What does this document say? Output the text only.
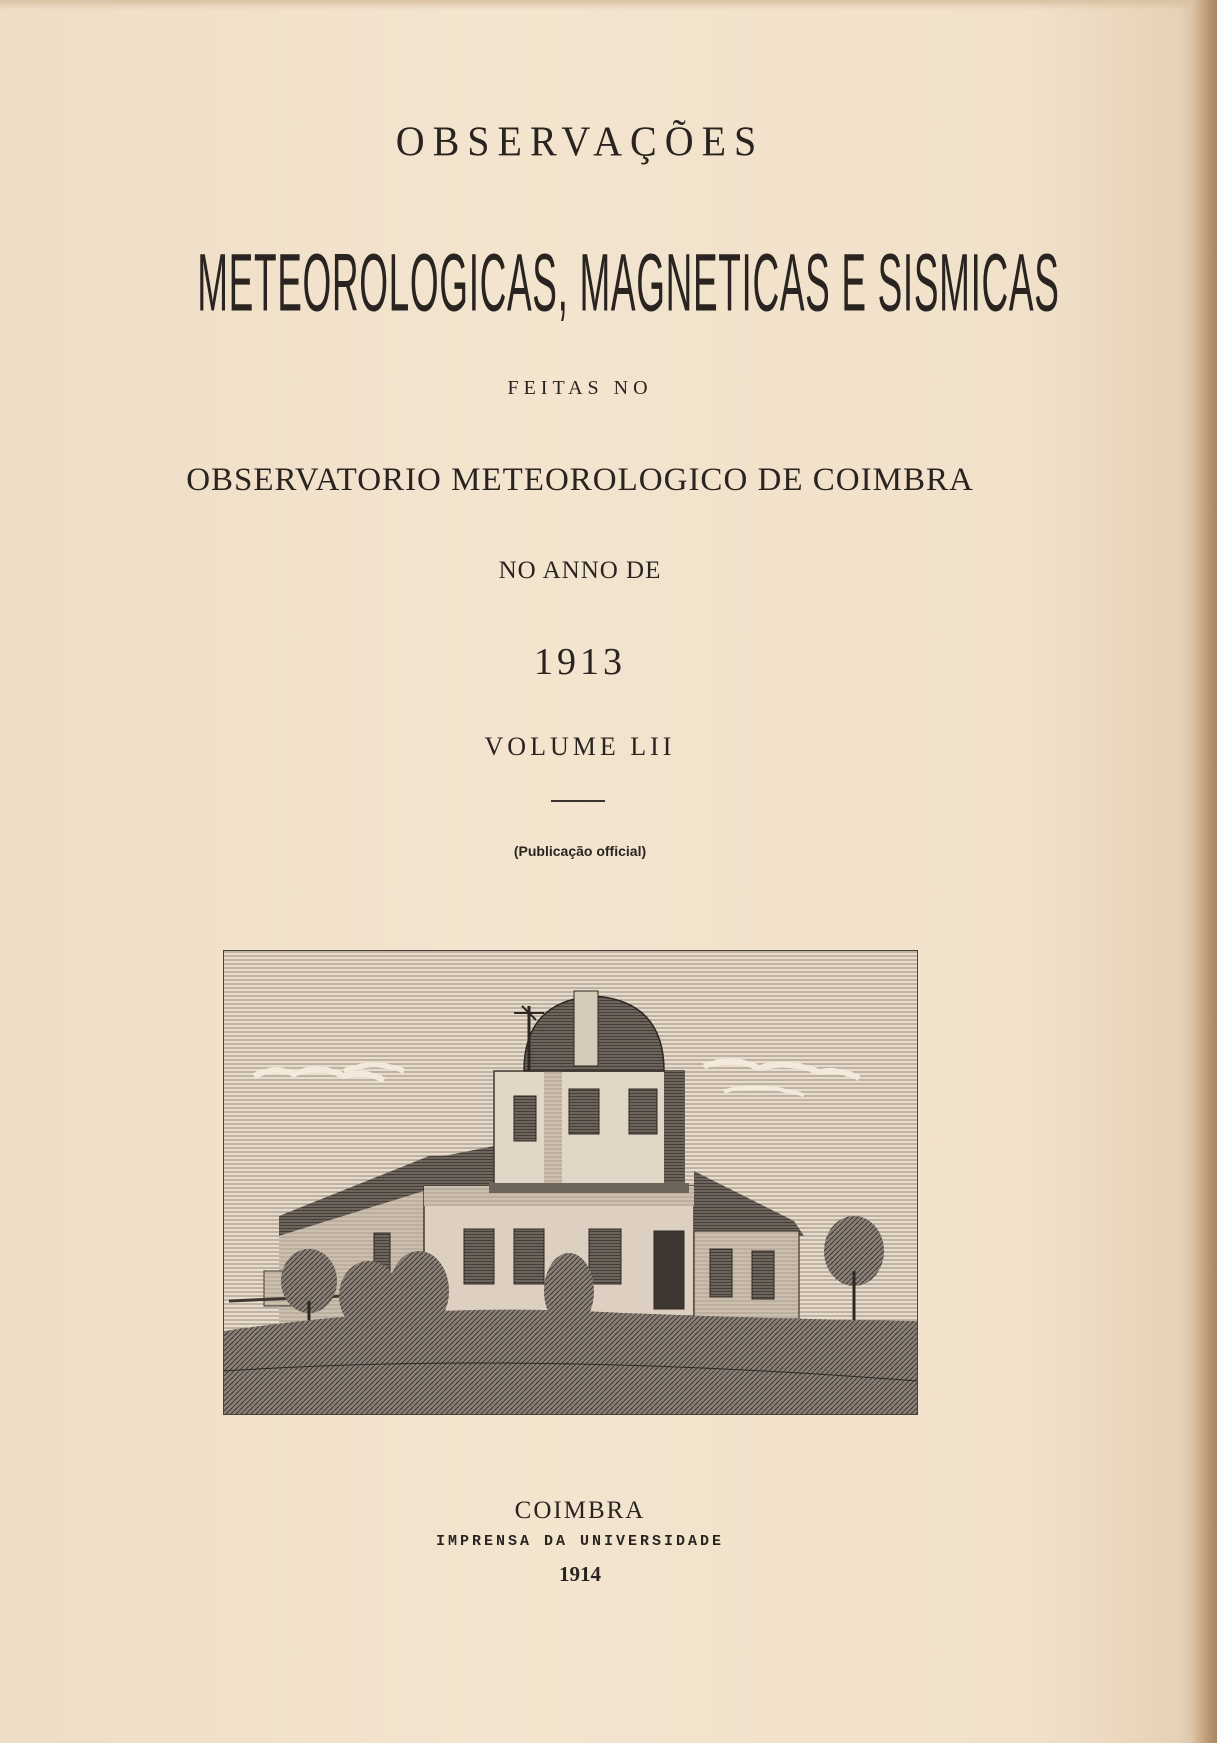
OBSERVAÇÕES
METEOROLOGICAS, MAGNETICAS E SISMICAS
FEITAS NO
OBSERVATORIO METEOROLOGICO DE COIMBRA
NO ANNO DE
1913
VOLUME LII
(Publicação official)
COIMBRA
IMPRENSA DA UNIVERSIDADE
1914
